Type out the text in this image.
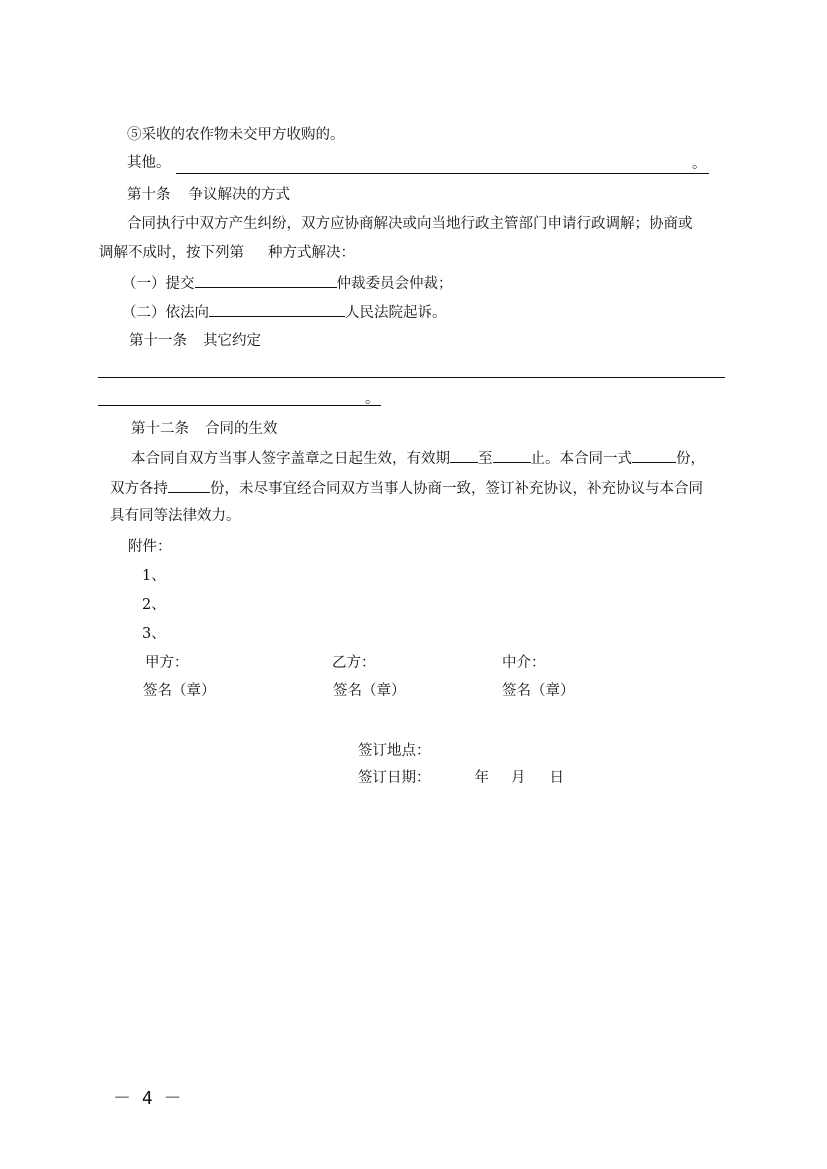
⑤采收的农作物未交甲方收购的。
其他。	。
第十条 争议解决的方式
合同执行中双方产生纠纷，双方应协商解决或向当地行政主管部门申请行政调解；协商或
调解不成时，按下列第 种方式解决：
（一）提交	仲裁委员会仲裁；
（二）依法向	人民法院起诉。
第十一条 其它约定
。
第十二条 合同的生效
本合同自双方当事人签字盖章之日起生效，有效期 至	止。本合同一式	份，
双方各持	份，未尽事宜经合同双方当事人协商一致，签订补充协议，补充协议与本合同
具有同等法律效力。
附件：
1、
2、
3、
甲方：	乙方：	中介：
签名（章）	签名（章）	签名（章）
签订地点：
签订日期：	年 月 日
－ 4 －
